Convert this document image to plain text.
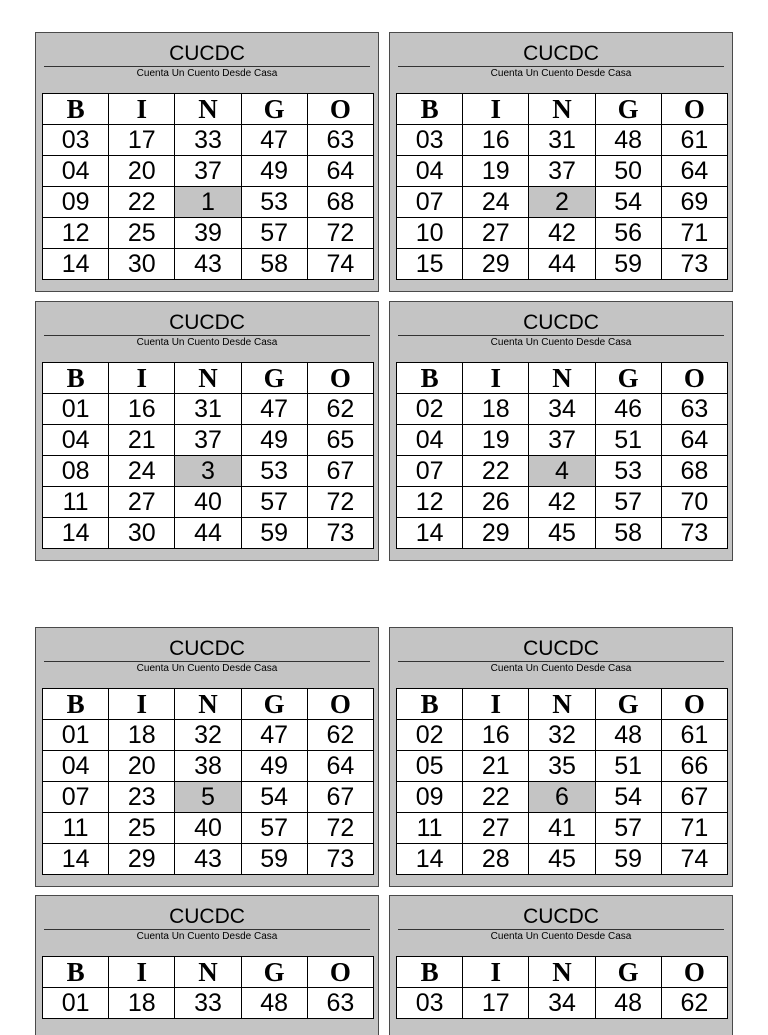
CUCDC
Cuenta Un Cuento Desde Casa
B	I	N	G	O
03	17	33	47	63
04	20	37	49	64
09	22	1	53	68
12	25	39	57	72
14	30	43	58	74
CUCDC
Cuenta Un Cuento Desde Casa
B	I	N	G	O
03	16	31	48	61
04	19	37	50	64
07	24	2	54	69
10	27	42	56	71
15	29	44	59	73
CUCDC
Cuenta Un Cuento Desde Casa
B	I	N	G	O
01	16	31	47	62
04	21	37	49	65
08	24	3	53	67
11	27	40	57	72
14	30	44	59	73
CUCDC
Cuenta Un Cuento Desde Casa
B	I	N	G	O
02	18	34	46	63
04	19	37	51	64
07	22	4	53	68
12	26	42	57	70
14	29	45	58	73
CUCDC
Cuenta Un Cuento Desde Casa
B	I	N	G	O
01	18	32	47	62
04	20	38	49	64
07	23	5	54	67
11	25	40	57	72
14	29	43	59	73
CUCDC
Cuenta Un Cuento Desde Casa
B	I	N	G	O
02	16	32	48	61
05	21	35	51	66
09	22	6	54	67
11	27	41	57	71
14	28	45	59	74
CUCDC
Cuenta Un Cuento Desde Casa
B	I	N	G	O
01	18	33	48	63
CUCDC
Cuenta Un Cuento Desde Casa
B	I	N	G	O
03	17	34	48	62
